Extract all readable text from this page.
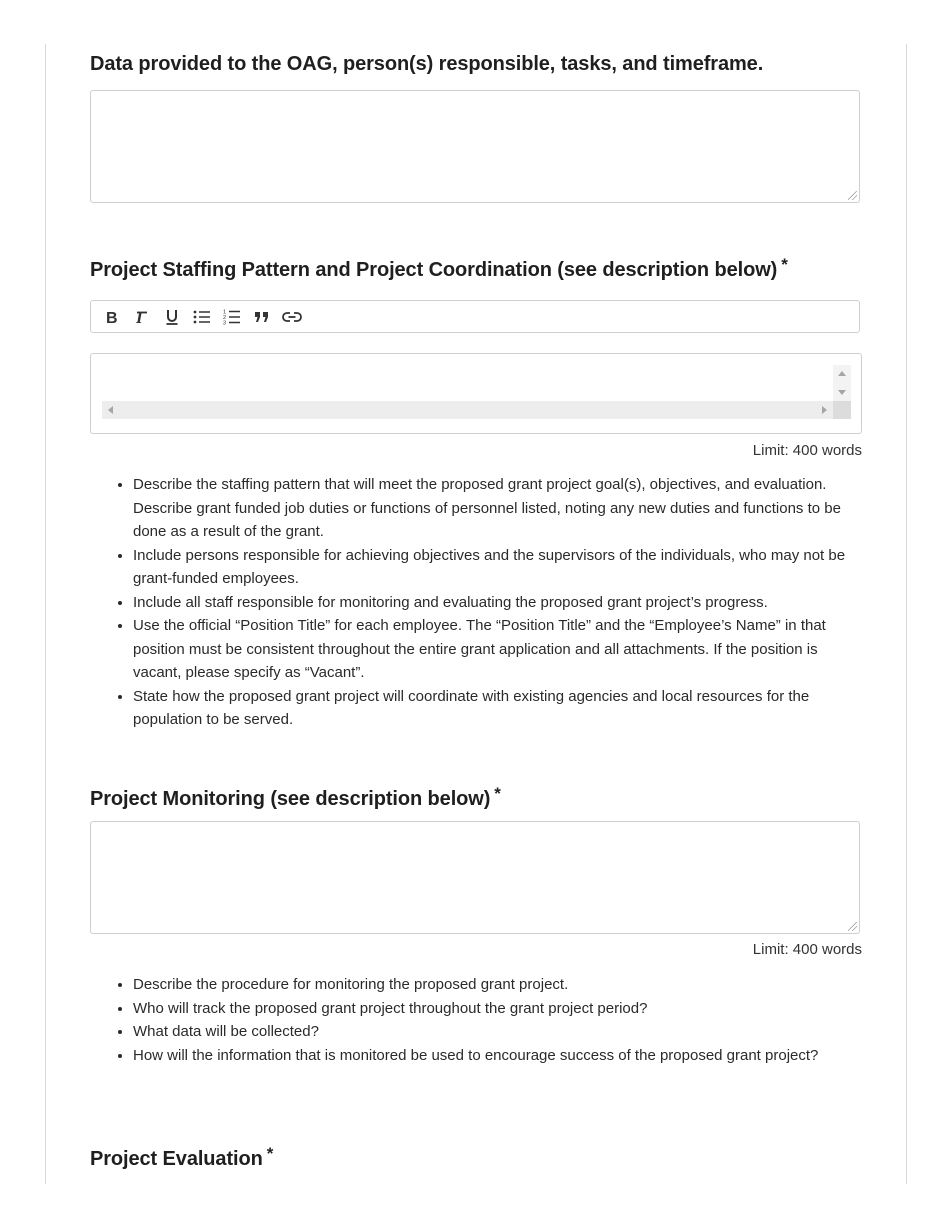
Data provided to the OAG, person(s) responsible, tasks, and timeframe.
Project Staffing Pattern and Project Coordination (see description below) *
B I	1
2
3
Limit: 400 words
• Describe the staffing pattern that will meet the proposed grant project goal(s), objectives, and evaluation. Describe grant funded job duties or functions of personnel listed, noting any new duties and functions to be done as a result of the grant.
• Include persons responsible for achieving objectives and the supervisors of the individuals, who may not be grant-funded employees.
• Include all staff responsible for monitoring and evaluating the proposed grant project’s progress.
• Use the official “Position Title” for each employee. The “Position Title” and the “Employee’s Name” in that position must be consistent throughout the entire grant application and all attachments. If the position is vacant, please specify as “Vacant”.
• State how the proposed grant project will coordinate with existing agencies and local resources for the population to be served.
Project Monitoring (see description below) *
Limit: 400 words
• Describe the procedure for monitoring the proposed grant project.
• Who will track the proposed grant project throughout the grant project period?
• What data will be collected?
• How will the information that is monitored be used to encourage success of the proposed grant project?
Project Evaluation *
